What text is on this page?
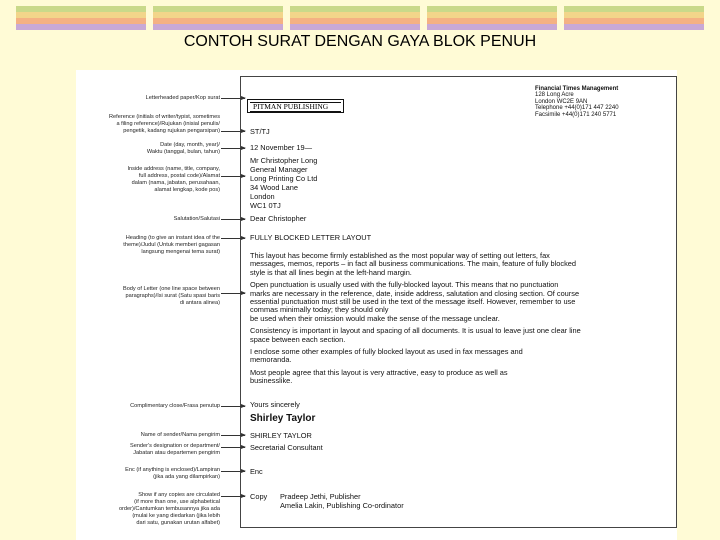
CONTOH SURAT DENGAN GAYA BLOK PENUH
Letterheaded paper/Kop surat
Reference (initials of writer/typist, sometimes
a filing reference)/Rujukan (inisial penulis/
pengetik, kadang rujukan pengarsipan)
Date (day, month, year)/
Waktu (tanggal, bulan, tahun)
Inside address (name, title, company,
full address, postal code)/Alamat
dalam (nama, jabatan, perusahaan,
alamat lengkap, kode pos)
Salutation/Salutasi
Heading (to give an instant idea of the
theme)/Judul (Untuk memberi gagasan
langsung mengenai tema surat)
Body of Letter (one line space between
paragraphs)/Isi surat (Satu spasi baris
di antara alinea)
Complimentary close/Frasa penutup
Name of sender/Nama pengirim
Sender's designation or department/
Jabatan atau departemen pengirim
Enc (if anything is enclosed)/Lampiran
(jika ada yang dilampirkan)
Show if any copies are circulated
(if more than one, use alphabetical
order)/Cantumkan tembusannya jika ada
(mulai ke yang diedarkan (jika lebih
dari satu, gunakan urutan alfabet)
PITMAN PUBLISHING
Financial Times Management
128 Long Acre
London WC2E 9AN
Telephone +44(0)171 447 2240
Facsimile +44(0)171 240 5771
ST/TJ
12 November 19—
Mr Christopher Long
General Manager
Long Printing Co Ltd
34 Wood Lane
London
WC1 0TJ
Dear Christopher
FULLY BLOCKED LETTER LAYOUT
This layout has become firmly established as the most popular way of setting out letters, fax
messages, memos, reports – in fact all business communications. The main, feature of fully blocked
style is that all lines begin at the left-hand margin.
Open punctuation is usually used with the fully-blocked layout. This means that no punctuation
marks are necessary in the reference, date, inside address, salutation and closing section. Of course
essential punctuation must still be used in the text of the message itself. However, remember to use
commas minimally today; they should only
be used when their omission would make the sense of the message unclear.
Consistency is important in layout and spacing of all documents. It is usual to leave just one clear line
space between each section.
I enclose some other examples of fully blocked layout as used in fax messages and
memoranda.
Most people agree that this layout is very attractive, easy to produce as well as
businesslike.
Yours sincerely
Shirley Taylor
SHIRLEY TAYLOR
Secretarial Consultant
Enc
Copy Pradeep Jethi, Publisher
Amelia Lakin, Publishing Co-ordinator
